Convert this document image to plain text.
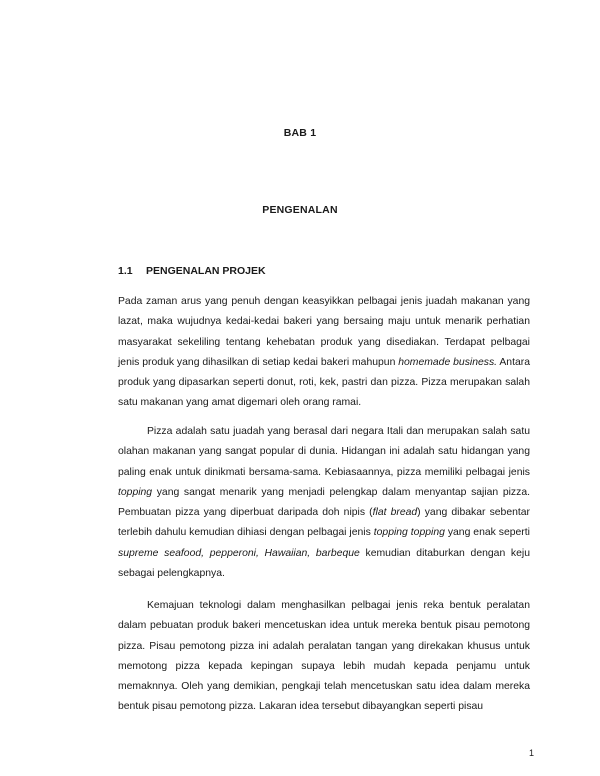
BAB 1
PENGENALAN
1.1 PENGENALAN PROJEK

Pada zaman arus yang penuh dengan keasyikkan pelbagai jenis juadah makanan yang lazat, maka wujudnya kedai-kedai bakeri yang bersaing maju untuk menarik perhatian masyarakat sekeliling tentang kehebatan produk yang disediakan. Terdapat pelbagai jenis produk yang dihasilkan di setiap kedai bakeri mahupun homemade business. Antara produk yang dipasarkan seperti donut, roti, kek, pastri dan pizza. Pizza merupakan salah satu makanan yang amat digemari oleh orang ramai.

Pizza adalah satu juadah yang berasal dari negara Itali dan merupakan salah satu olahan makanan yang sangat popular di dunia. Hidangan ini adalah satu hidangan yang paling enak untuk dinikmati bersama-sama. Kebiasaannya, pizza memiliki pelbagai jenis topping yang sangat menarik yang menjadi pelengkap dalam menyantap sajian pizza. Pembuatan pizza yang diperbuat daripada doh nipis (flat bread) yang dibakar sebentar terlebih dahulu kemudian dihiasi dengan pelbagai jenis topping topping yang enak seperti supreme seafood, pepperoni, Hawaiian, barbeque kemudian ditaburkan dengan keju sebagai pelengkapnya.

Kemajuan teknologi dalam menghasilkan pelbagai jenis reka bentuk peralatan dalam pebuatan produk bakeri mencetuskan idea untuk mereka bentuk pisau pemotong pizza. Pisau pemotong pizza ini adalah peralatan tangan yang direkakan khusus untuk memotong pizza kepada kepingan supaya lebih mudah kepada penjamu untuk memaknnya. Oleh yang demikian, pengkaji telah mencetuskan satu idea dalam mereka bentuk pisau pemotong pizza. Lakaran idea tersebut dibayangkan seperti pisau

1
